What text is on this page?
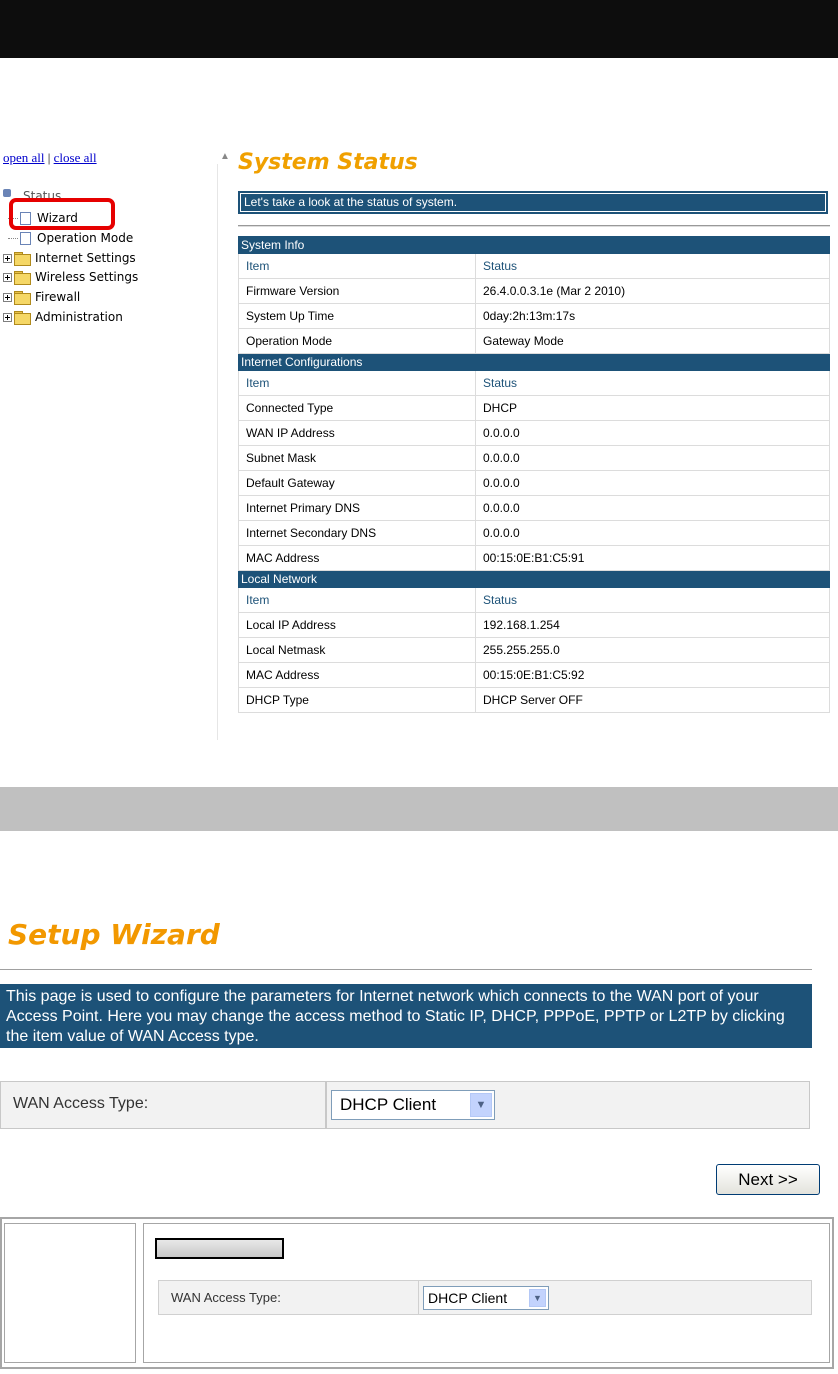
open all | close all
Status
Wizard
Operation Mode
Internet Settings
Wireless Settings
Firewall
Administration
▲ System Status
Let's take a look at the status of system.
System Info	
Item	Status
Firmware Version	26.4.0.0.3.1e (Mar 2 2010)
System Up Time	0day:2h:13m:17s
Operation Mode	Gateway Mode
Internet Configurations	
Item	Status
Connected Type	DHCP
WAN IP Address	0.0.0.0
Subnet Mask	0.0.0.0
Default Gateway	0.0.0.0
Internet Primary DNS	0.0.0.0
Internet Secondary DNS	0.0.0.0
MAC Address	00:15:0E:B1:C5:91
Local Network	
Item	Status
Local IP Address	192.168.1.254
Local Netmask	255.255.255.0
MAC Address	00:15:0E:B1:C5:92
DHCP Type	DHCP Server OFF
Setup Wizard
This page is used to configure the parameters for Internet network which connects to the WAN port of your Access Point. Here you may change the access method to Static IP, DHCP, PPPoE, PPTP or L2TP by clicking the item value of WAN Access type.
WAN Access Type:	DHCP Client	▼
Next >>
WAN Access Type:	DHCP Client	▼
